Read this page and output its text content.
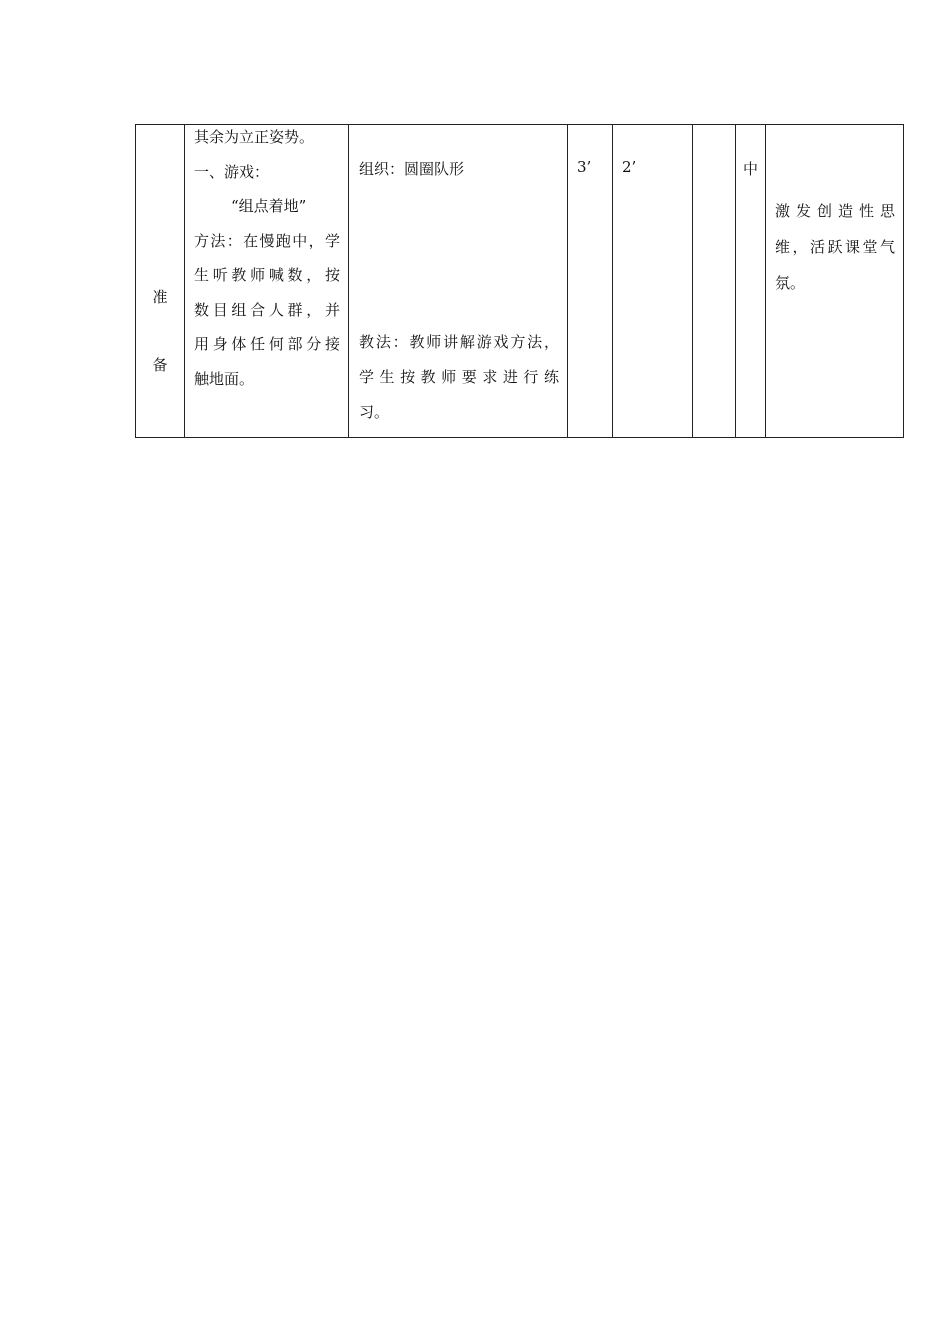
准
备

其余为立正姿势。
一、游戏：
“组点着地”
方法：在慢跑中，学
生听教师喊数，按
数目组合人群，并
用身体任何部分接
触地面。

组织：圆圈队形
教法：教师讲解游戏方法，
学生按教师要求进行练
习。

3’	2’		中

激发创造性思
维，活跃课堂气
氛。
